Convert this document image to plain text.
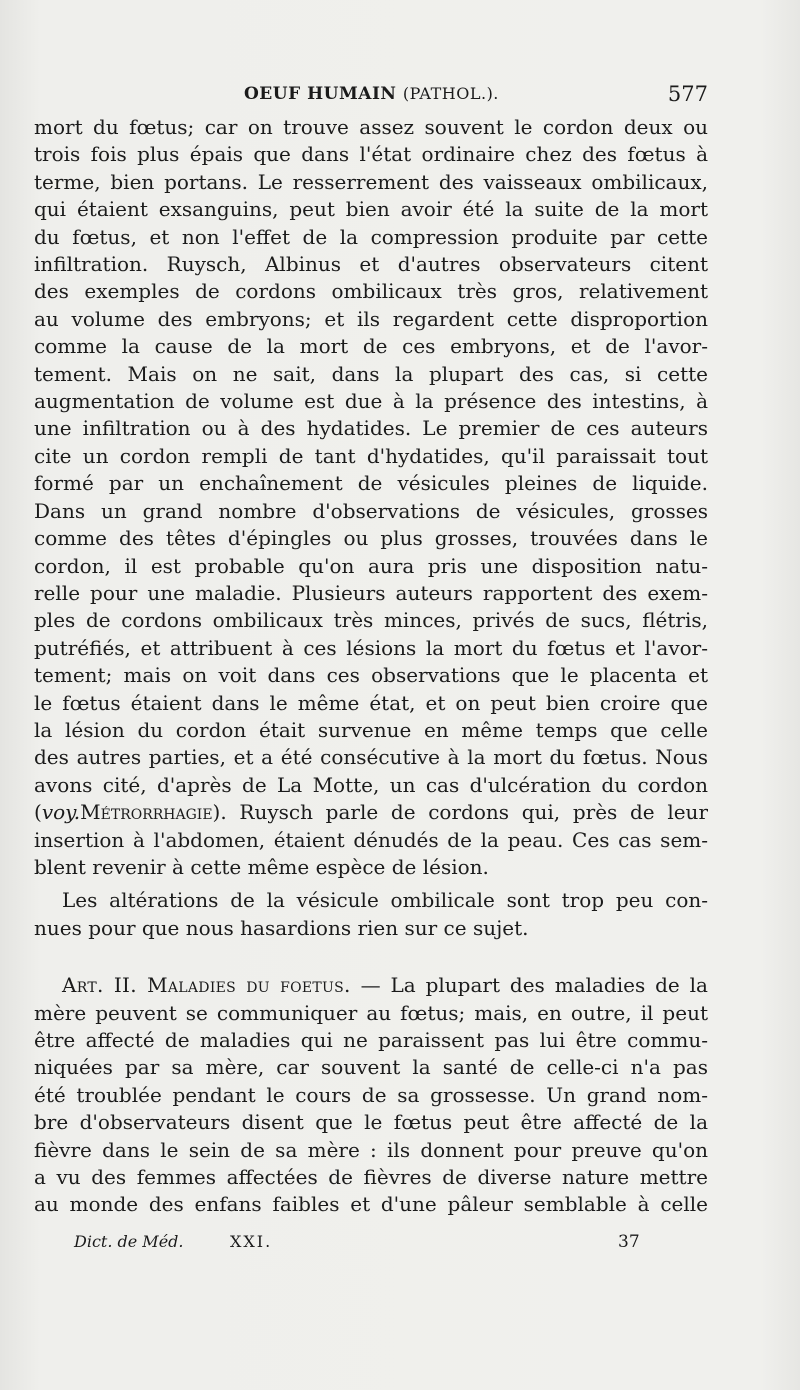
OEUF HUMAIN (PATHOL.).	577
mort du fœtus; car on trouve assez souvent le cordon deux ou
trois fois plus épais que dans l'état ordinaire chez des fœtus à
terme, bien portans. Le resserrement des vaisseaux ombilicaux,
qui étaient exsanguins, peut bien avoir été la suite de la mort
du fœtus, et non l'effet de la compression produite par cette
infiltration. Ruysch, Albinus et d'autres observateurs citent
des exemples de cordons ombilicaux très gros, relativement
au volume des embryons; et ils regardent cette disproportion
comme la cause de la mort de ces embryons, et de l'avor-
tement. Mais on ne sait, dans la plupart des cas, si cette
augmentation de volume est due à la présence des intestins, à
une infiltration ou à des hydatides. Le premier de ces auteurs
cite un cordon rempli de tant d'hydatides, qu'il paraissait tout
formé par un enchaînement de vésicules pleines de liquide.
Dans un grand nombre d'observations de vésicules, grosses
comme des têtes d'épingles ou plus grosses, trouvées dans le
cordon, il est probable qu'on aura pris une disposition natu-
relle pour une maladie. Plusieurs auteurs rapportent des exem-
ples de cordons ombilicaux très minces, privés de sucs, flétris,
putréfiés, et attribuent à ces lésions la mort du fœtus et l'avor-
tement; mais on voit dans ces observations que le placenta et
le fœtus étaient dans le même état, et on peut bien croire que
la lésion du cordon était survenue en même temps que celle
des autres parties, et a été consécutive à la mort du fœtus. Nous
avons cité, d'après de La Motte, un cas d'ulcération du cordon
(voy.Métrorrhagie). Ruysch parle de cordons qui, près de leur
insertion à l'abdomen, étaient dénudés de la peau. Ces cas sem-
blent revenir à cette même espèce de lésion.
Les altérations de la vésicule ombilicale sont trop peu con-
nues pour que nous hasardions rien sur ce sujet.
Art. II. Maladies du foetus. — La plupart des maladies de la
mère peuvent se communiquer au fœtus; mais, en outre, il peut
être affecté de maladies qui ne paraissent pas lui être commu-
niquées par sa mère, car souvent la santé de celle-ci n'a pas
été troublée pendant le cours de sa grossesse. Un grand nom-
bre d'observateurs disent que le fœtus peut être affecté de la
fièvre dans le sein de sa mère : ils donnent pour preuve qu'on
a vu des femmes affectées de fièvres de diverse nature mettre
au monde des enfans faibles et d'une pâleur semblable à celle
Dict. de Méd.	XXI.	37
